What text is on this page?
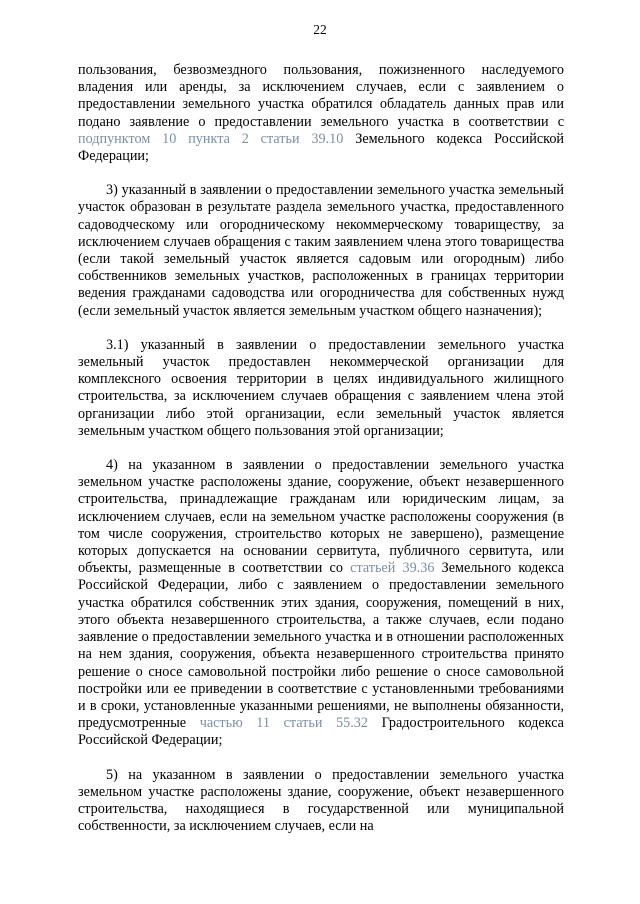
22

пользования, безвозмездного пользования, пожизненного наследуемого владения или аренды, за исключением случаев, если с заявлением о предоставлении земельного участка обратился обладатель данных прав или подано заявление о предоставлении земельного участка в соответствии с подпунктом 10 пункта 2 статьи 39.10 Земельного кодекса Российской Федерации;

3) указанный в заявлении о предоставлении земельного участка земельный участок образован в результате раздела земельного участка, предоставленного садоводческому или огородническому некоммерческому товариществу, за исключением случаев обращения с таким заявлением члена этого товарищества (если такой земельный участок является садовым или огородным) либо собственников земельных участков, расположенных в границах территории ведения гражданами садоводства или огородничества для собственных нужд (если земельный участок является земельным участком общего назначения);

3.1) указанный в заявлении о предоставлении земельного участка земельный участок предоставлен некоммерческой организации для комплексного освоения территории в целях индивидуального жилищного строительства, за исключением случаев обращения с заявлением члена этой организации либо этой организации, если земельный участок является земельным участком общего пользования этой организации;

4) на указанном в заявлении о предоставлении земельного участка земельном участке расположены здание, сооружение, объект незавершенного строительства, принадлежащие гражданам или юридическим лицам, за исключением случаев, если на земельном участке расположены сооружения (в том числе сооружения, строительство которых не завершено), размещение которых допускается на основании сервитута, публичного сервитута, или объекты, размещенные в соответствии со статьей 39.36 Земельного кодекса Российской Федерации, либо с заявлением о предоставлении земельного участка обратился собственник этих здания, сооружения, помещений в них, этого объекта незавершенного строительства, а также случаев, если подано заявление о предоставлении земельного участка и в отношении расположенных на нем здания, сооружения, объекта незавершенного строительства принято решение о сносе самовольной постройки либо решение о сносе самовольной постройки или ее приведении в соответствие с установленными требованиями и в сроки, установленные указанными решениями, не выполнены обязанности, предусмотренные частью 11 статьи 55.32 Градостроительного кодекса Российской Федерации;

5) на указанном в заявлении о предоставлении земельного участка земельном участке расположены здание, сооружение, объект незавершенного строительства, находящиеся в государственной или муниципальной собственности, за исключением случаев, если на
